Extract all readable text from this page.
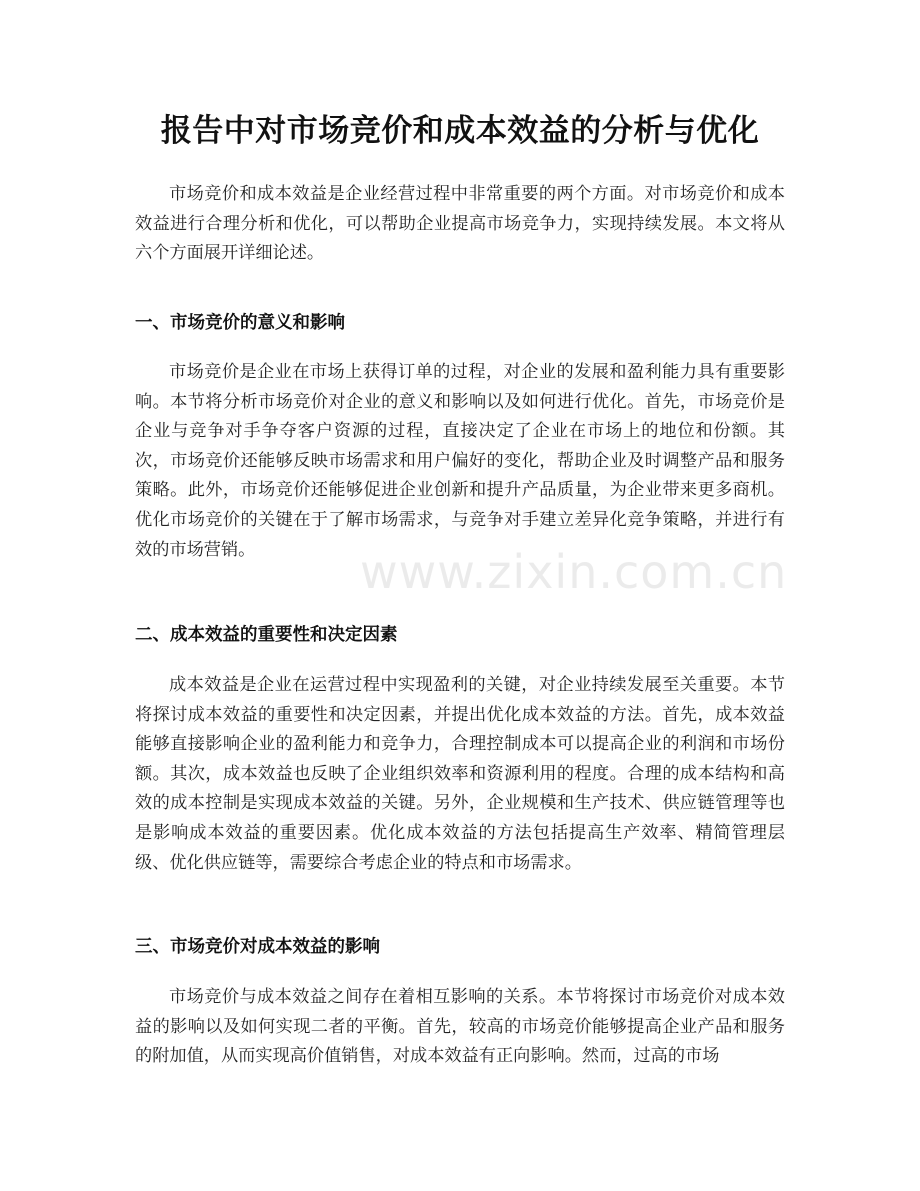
报告中对市场竞价和成本效益的分析与优化

市场竞价和成本效益是企业经营过程中非常重要的两个方面。对市场竞价和成本效益进行合理分析和优化，可以帮助企业提高市场竞争力，实现持续发展。本文将从六个方面展开详细论述。

一、市场竞价的意义和影响

市场竞价是企业在市场上获得订单的过程，对企业的发展和盈利能力具有重要影响。本节将分析市场竞价对企业的意义和影响以及如何进行优化。首先，市场竞价是企业与竞争对手争夺客户资源的过程，直接决定了企业在市场上的地位和份额。其次，市场竞价还能够反映市场需求和用户偏好的变化，帮助企业及时调整产品和服务策略。此外，市场竞价还能够促进企业创新和提升产品质量，为企业带来更多商机。优化市场竞价的关键在于了解市场需求，与竞争对手建立差异化竞争策略，并进行有效的市场营销。

二、成本效益的重要性和决定因素

成本效益是企业在运营过程中实现盈利的关键，对企业持续发展至关重要。本节将探讨成本效益的重要性和决定因素，并提出优化成本效益的方法。首先，成本效益能够直接影响企业的盈利能力和竞争力，合理控制成本可以提高企业的利润和市场份额。其次，成本效益也反映了企业组织效率和资源利用的程度。合理的成本结构和高效的成本控制是实现成本效益的关键。另外，企业规模和生产技术、供应链管理等也是影响成本效益的重要因素。优化成本效益的方法包括提高生产效率、精简管理层级、优化供应链等，需要综合考虑企业的特点和市场需求。

三、市场竞价对成本效益的影响

市场竞价与成本效益之间存在着相互影响的关系。本节将探讨市场竞价对成本效益的影响以及如何实现二者的平衡。首先，较高的市场竞价能够提高企业产品和服务的附加值，从而实现高价值销售，对成本效益有正向影响。然而，过高的市场

www.zixin.com.cn
